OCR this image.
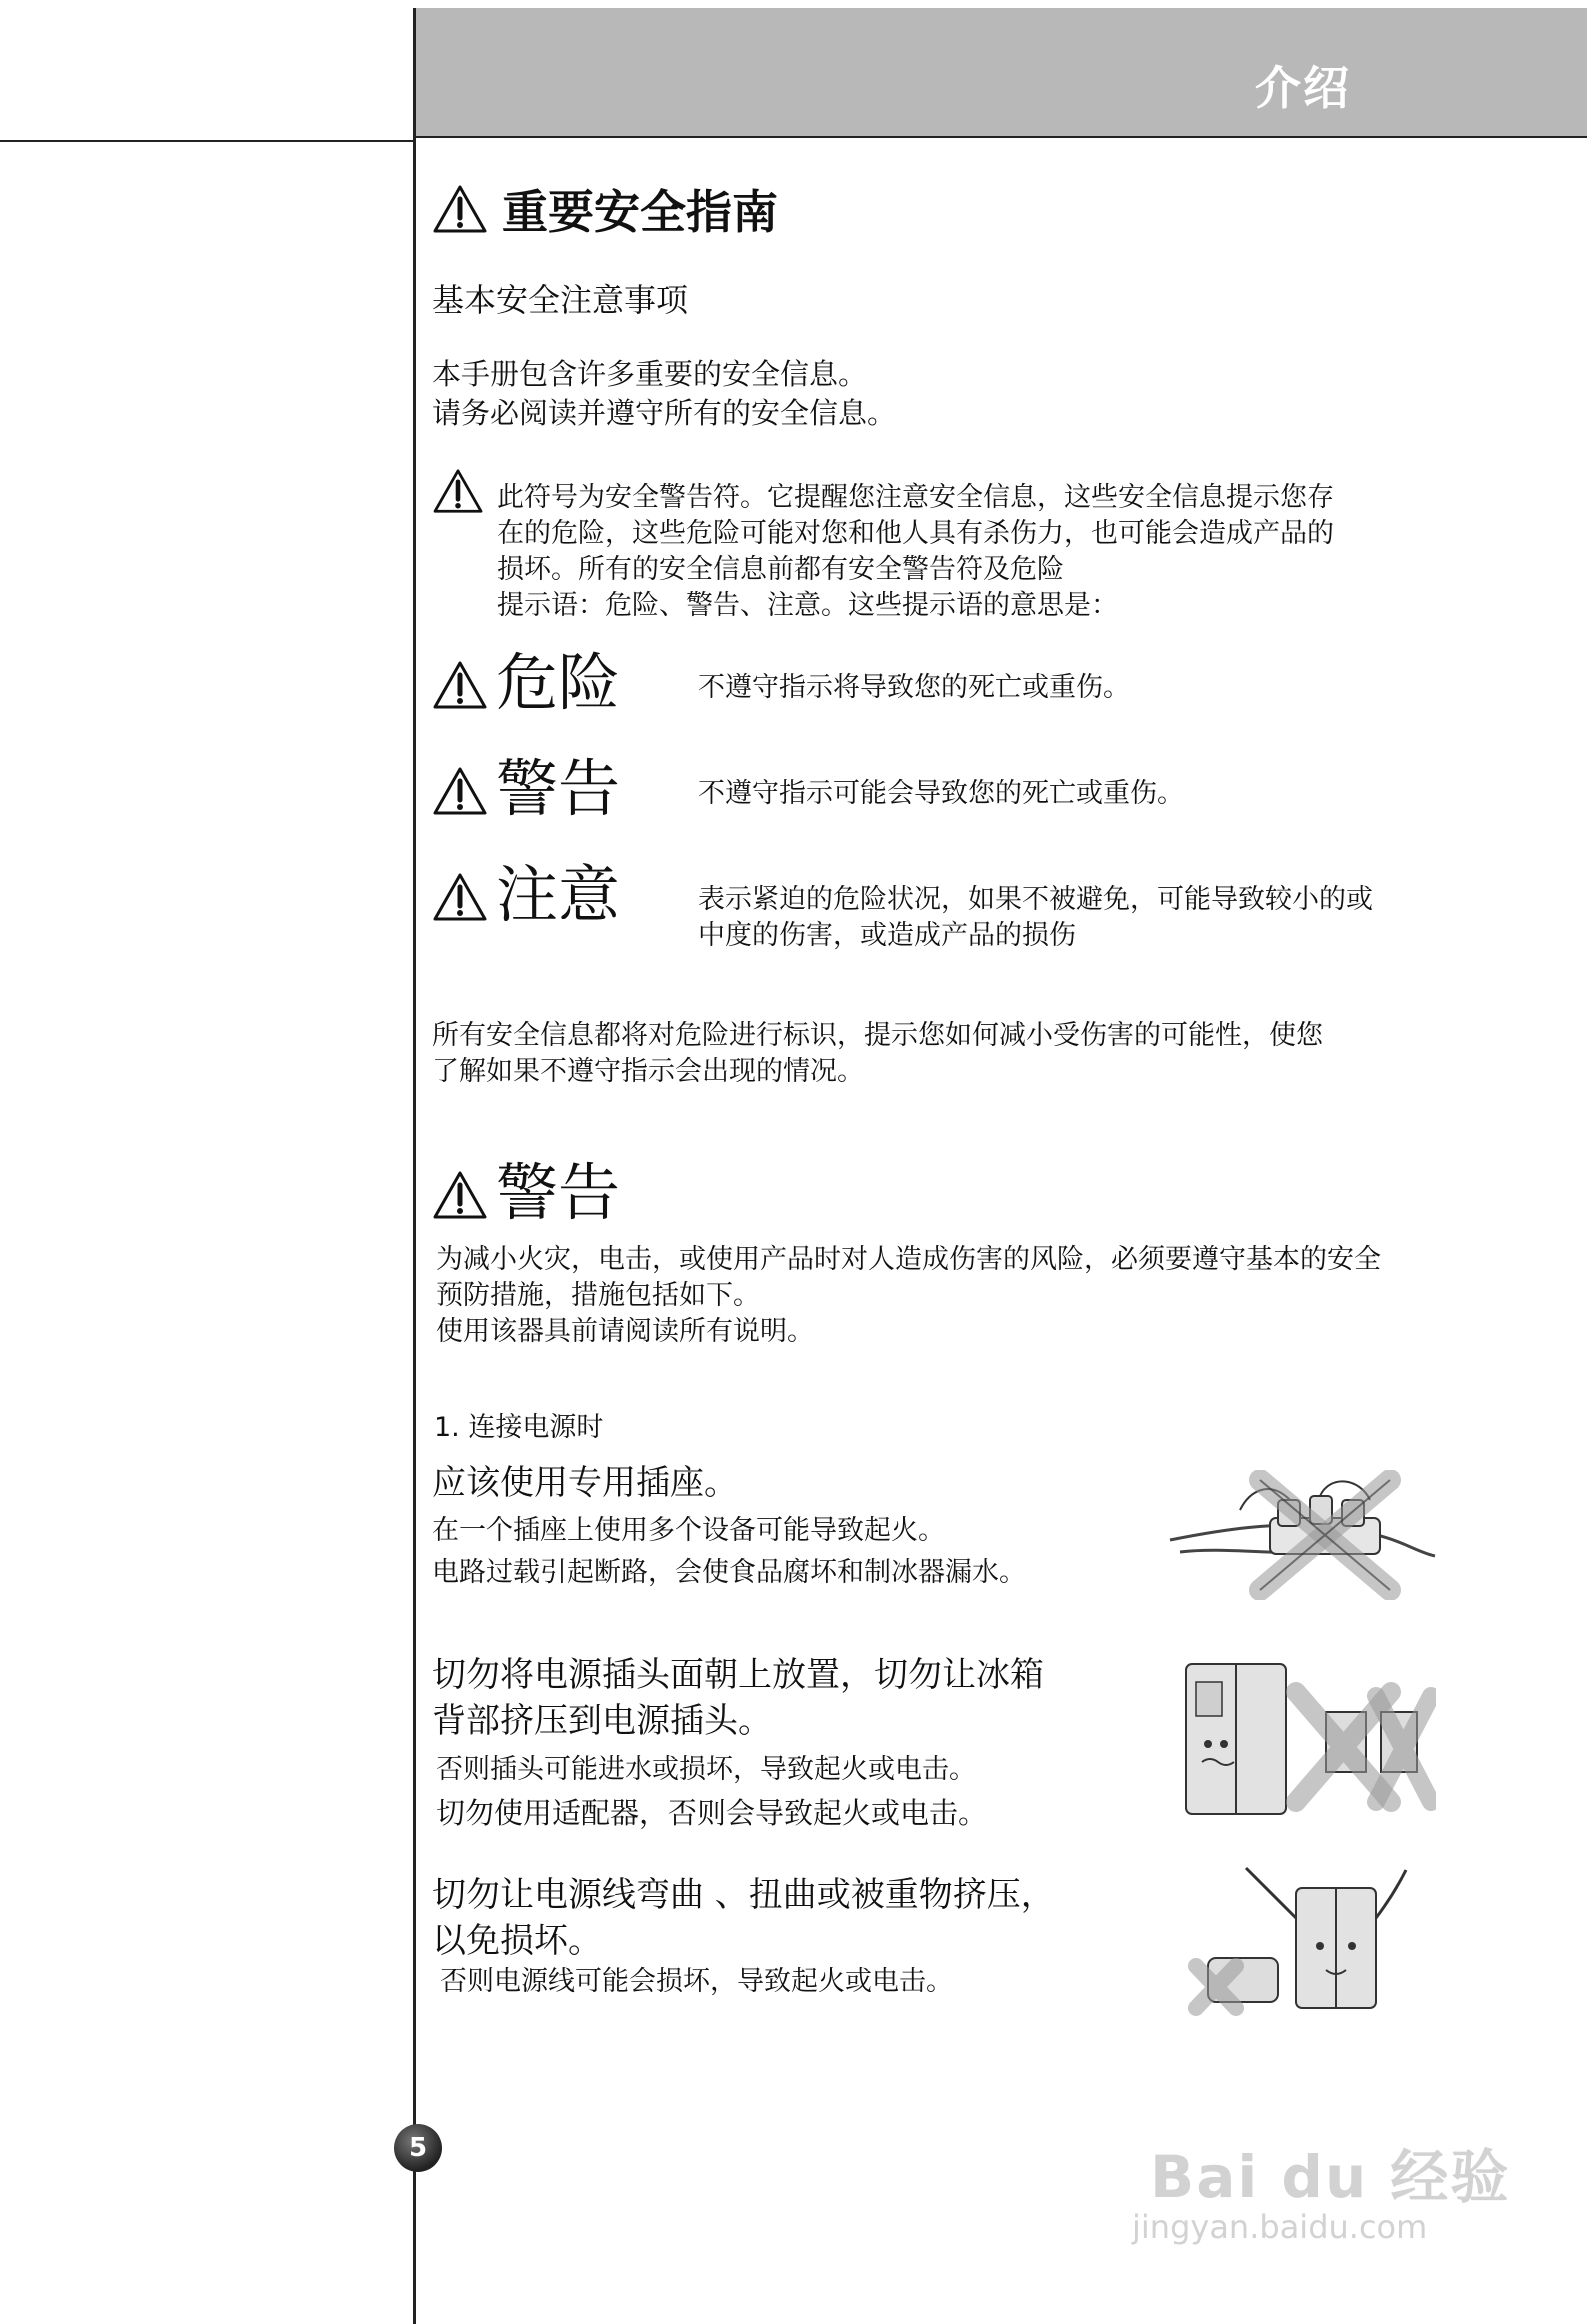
介绍
重要安全指南
基本安全注意事项
本手册包含许多重要的安全信息。
请务必阅读并遵守所有的安全信息。
此符号为安全警告符。它提醒您注意安全信息，这些安全信息提示您存
在的危险，这些危险可能对您和他人具有杀伤力，也可能会造成产品的
损坏。所有的安全信息前都有安全警告符及危险
提示语：危险、警告、注意。这些提示语的意思是：
危险	不遵守指示将导致您的死亡或重伤。
警告	不遵守指示可能会导致您的死亡或重伤。
注意	表示紧迫的危险状况，如果不被避免，可能导致较小的或
中度的伤害，或造成产品的损伤
所有安全信息都将对危险进行标识，提示您如何减小受伤害的可能性，使您
了解如果不遵守指示会出现的情况。
警告
为减小火灾，电击，或使用产品时对人造成伤害的风险，必须要遵守基本的安全
预防措施，措施包括如下。
使用该器具前请阅读所有说明。
1. 连接电源时
应该使用专用插座。
在一个插座上使用多个设备可能导致起火。
电路过载引起断路，会使食品腐坏和制冰器漏水。
切勿将电源插头面朝上放置，切勿让冰箱
背部挤压到电源插头。
否则插头可能进水或损坏，导致起火或电击。
切勿使用适配器，否则会导致起火或电击。
切勿让电源线弯曲 、扭曲或被重物挤压，
以免损坏。
否则电源线可能会损坏，导致起火或电击。
5	Bai du 经验
jingyan.baidu.com
